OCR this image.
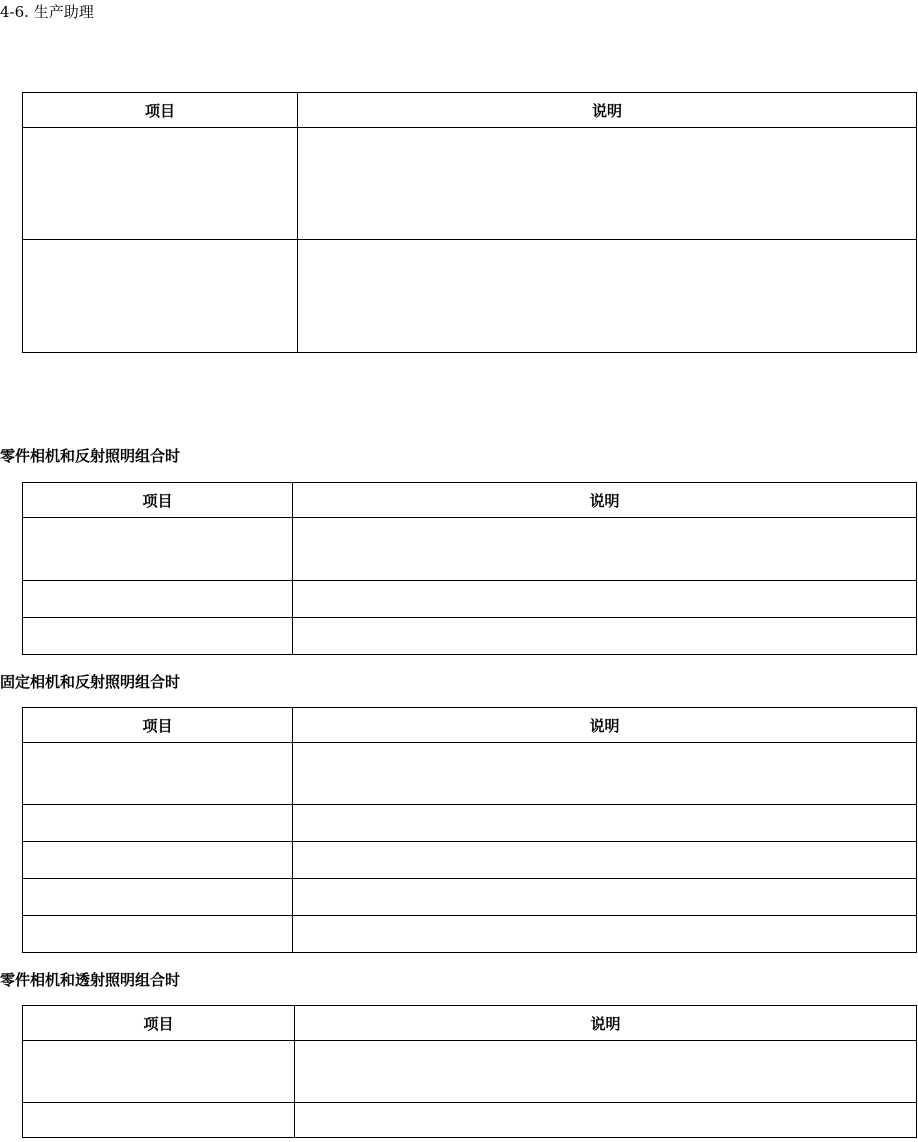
4-6. 生产助理
项目	说明

零件相机和反射照明组合时
项目	说明

固定相机和反射照明组合时
项目	说明

零件相机和透射照明组合时
项目	说明
